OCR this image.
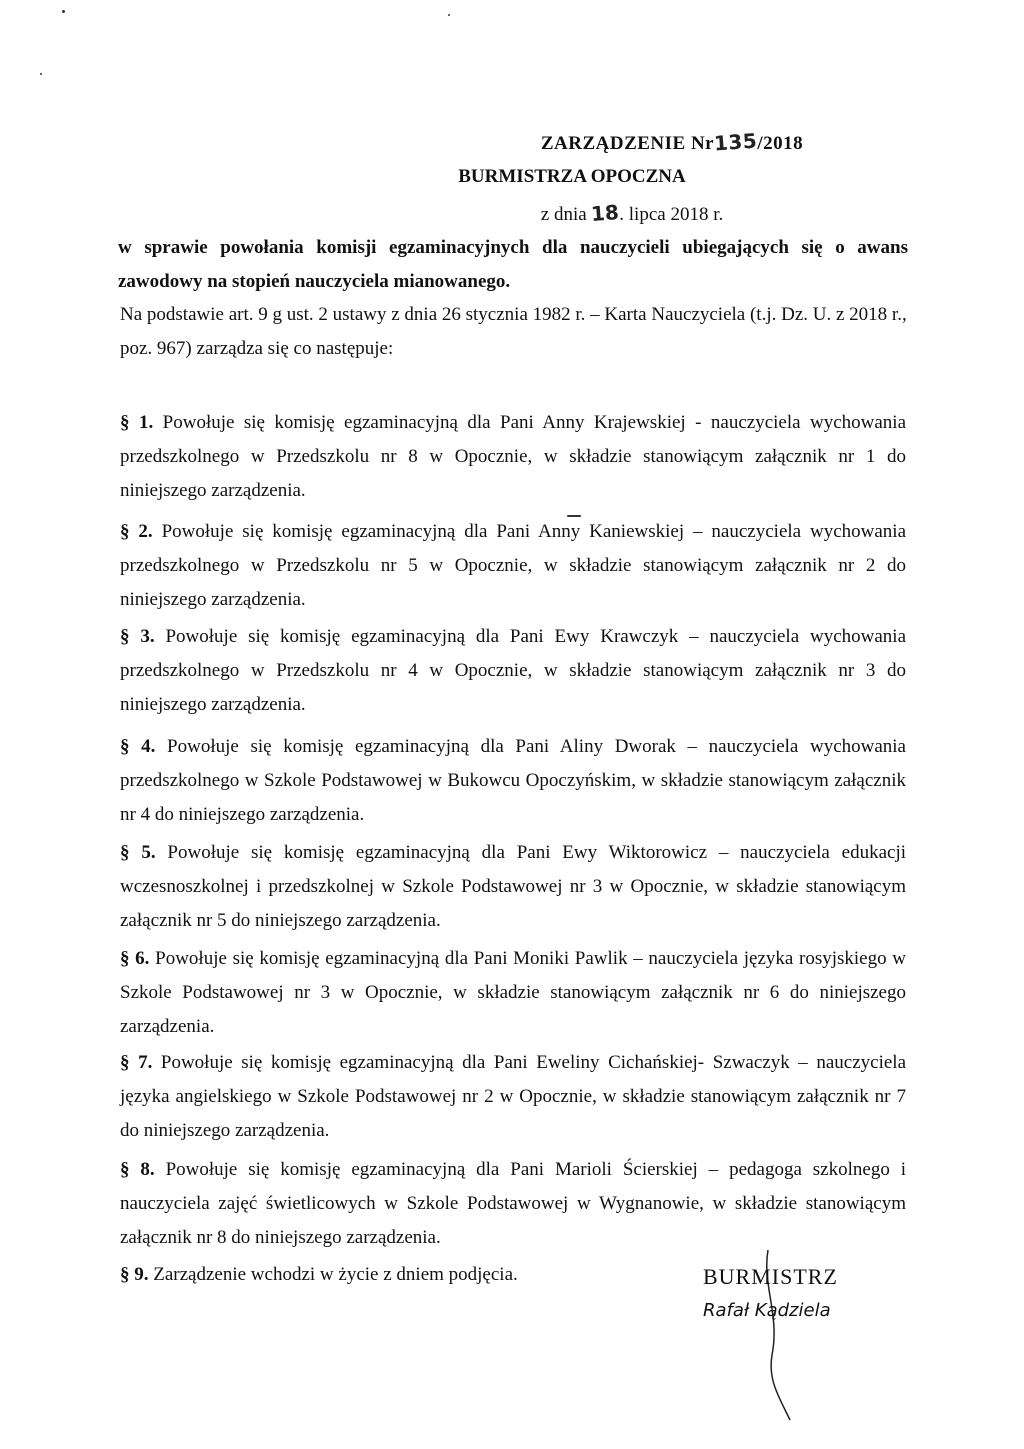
ZARZĄDZENIE Nr135/2018
BURMISTRZA OPOCZNA
z dnia 18. lipca 2018 r.
w sprawie powołania komisji egzaminacyjnych dla nauczycieli ubiegających się o awans zawodowy na stopień nauczyciela mianowanego.
Na podstawie art. 9 g ust. 2 ustawy z dnia 26 stycznia 1982 r. – Karta Nauczyciela (t.j. Dz. U. z 2018 r., poz. 967) zarządza się co następuje:
§ 1. Powołuje się komisję egzaminacyjną dla Pani Anny Krajewskiej - nauczyciela wychowania przedszkolnego w Przedszkolu nr 8 w Opocznie, w składzie stanowiącym załącznik nr 1 do niniejszego zarządzenia.
§ 2. Powołuje się komisję egzaminacyjną dla Pani Anny Kaniewskiej – nauczyciela wychowania przedszkolnego w Przedszkolu nr 5 w Opocznie, w składzie stanowiącym załącznik nr 2 do niniejszego zarządzenia.
§ 3. Powołuje się komisję egzaminacyjną dla Pani Ewy Krawczyk – nauczyciela wychowania przedszkolnego w Przedszkolu nr 4 w Opocznie, w składzie stanowiącym załącznik nr 3 do niniejszego zarządzenia.
§ 4. Powołuje się komisję egzaminacyjną dla Pani Aliny Dworak – nauczyciela wychowania przedszkolnego w Szkole Podstawowej w Bukowcu Opoczyńskim, w składzie stanowiącym załącznik nr 4 do niniejszego zarządzenia.
§ 5. Powołuje się komisję egzaminacyjną dla Pani Ewy Wiktorowicz – nauczyciela edukacji wczesnoszkolnej i przedszkolnej w Szkole Podstawowej nr 3 w Opocznie, w składzie stanowiącym załącznik nr 5 do niniejszego zarządzenia.
§ 6. Powołuje się komisję egzaminacyjną dla Pani Moniki Pawlik – nauczyciela języka rosyjskiego w Szkole Podstawowej nr 3 w Opocznie, w składzie stanowiącym załącznik nr 6 do niniejszego zarządzenia.
§ 7. Powołuje się komisję egzaminacyjną dla Pani Eweliny Cichańskiej- Szwaczyk – nauczyciela języka angielskiego w Szkole Podstawowej nr 2 w Opocznie, w składzie stanowiącym załącznik nr 7 do niniejszego zarządzenia.
§ 8. Powołuje się komisję egzaminacyjną dla Pani Marioli Ścierskiej – pedagoga szkolnego i nauczyciela zajęć świetlicowych w Szkole Podstawowej w Wygnanowie, w składzie stanowiącym załącznik nr 8 do niniejszego zarządzenia.
§ 9. Zarządzenie wchodzi w życie z dniem podjęcia.	BURMISTRZ
Rafał Kądziela
